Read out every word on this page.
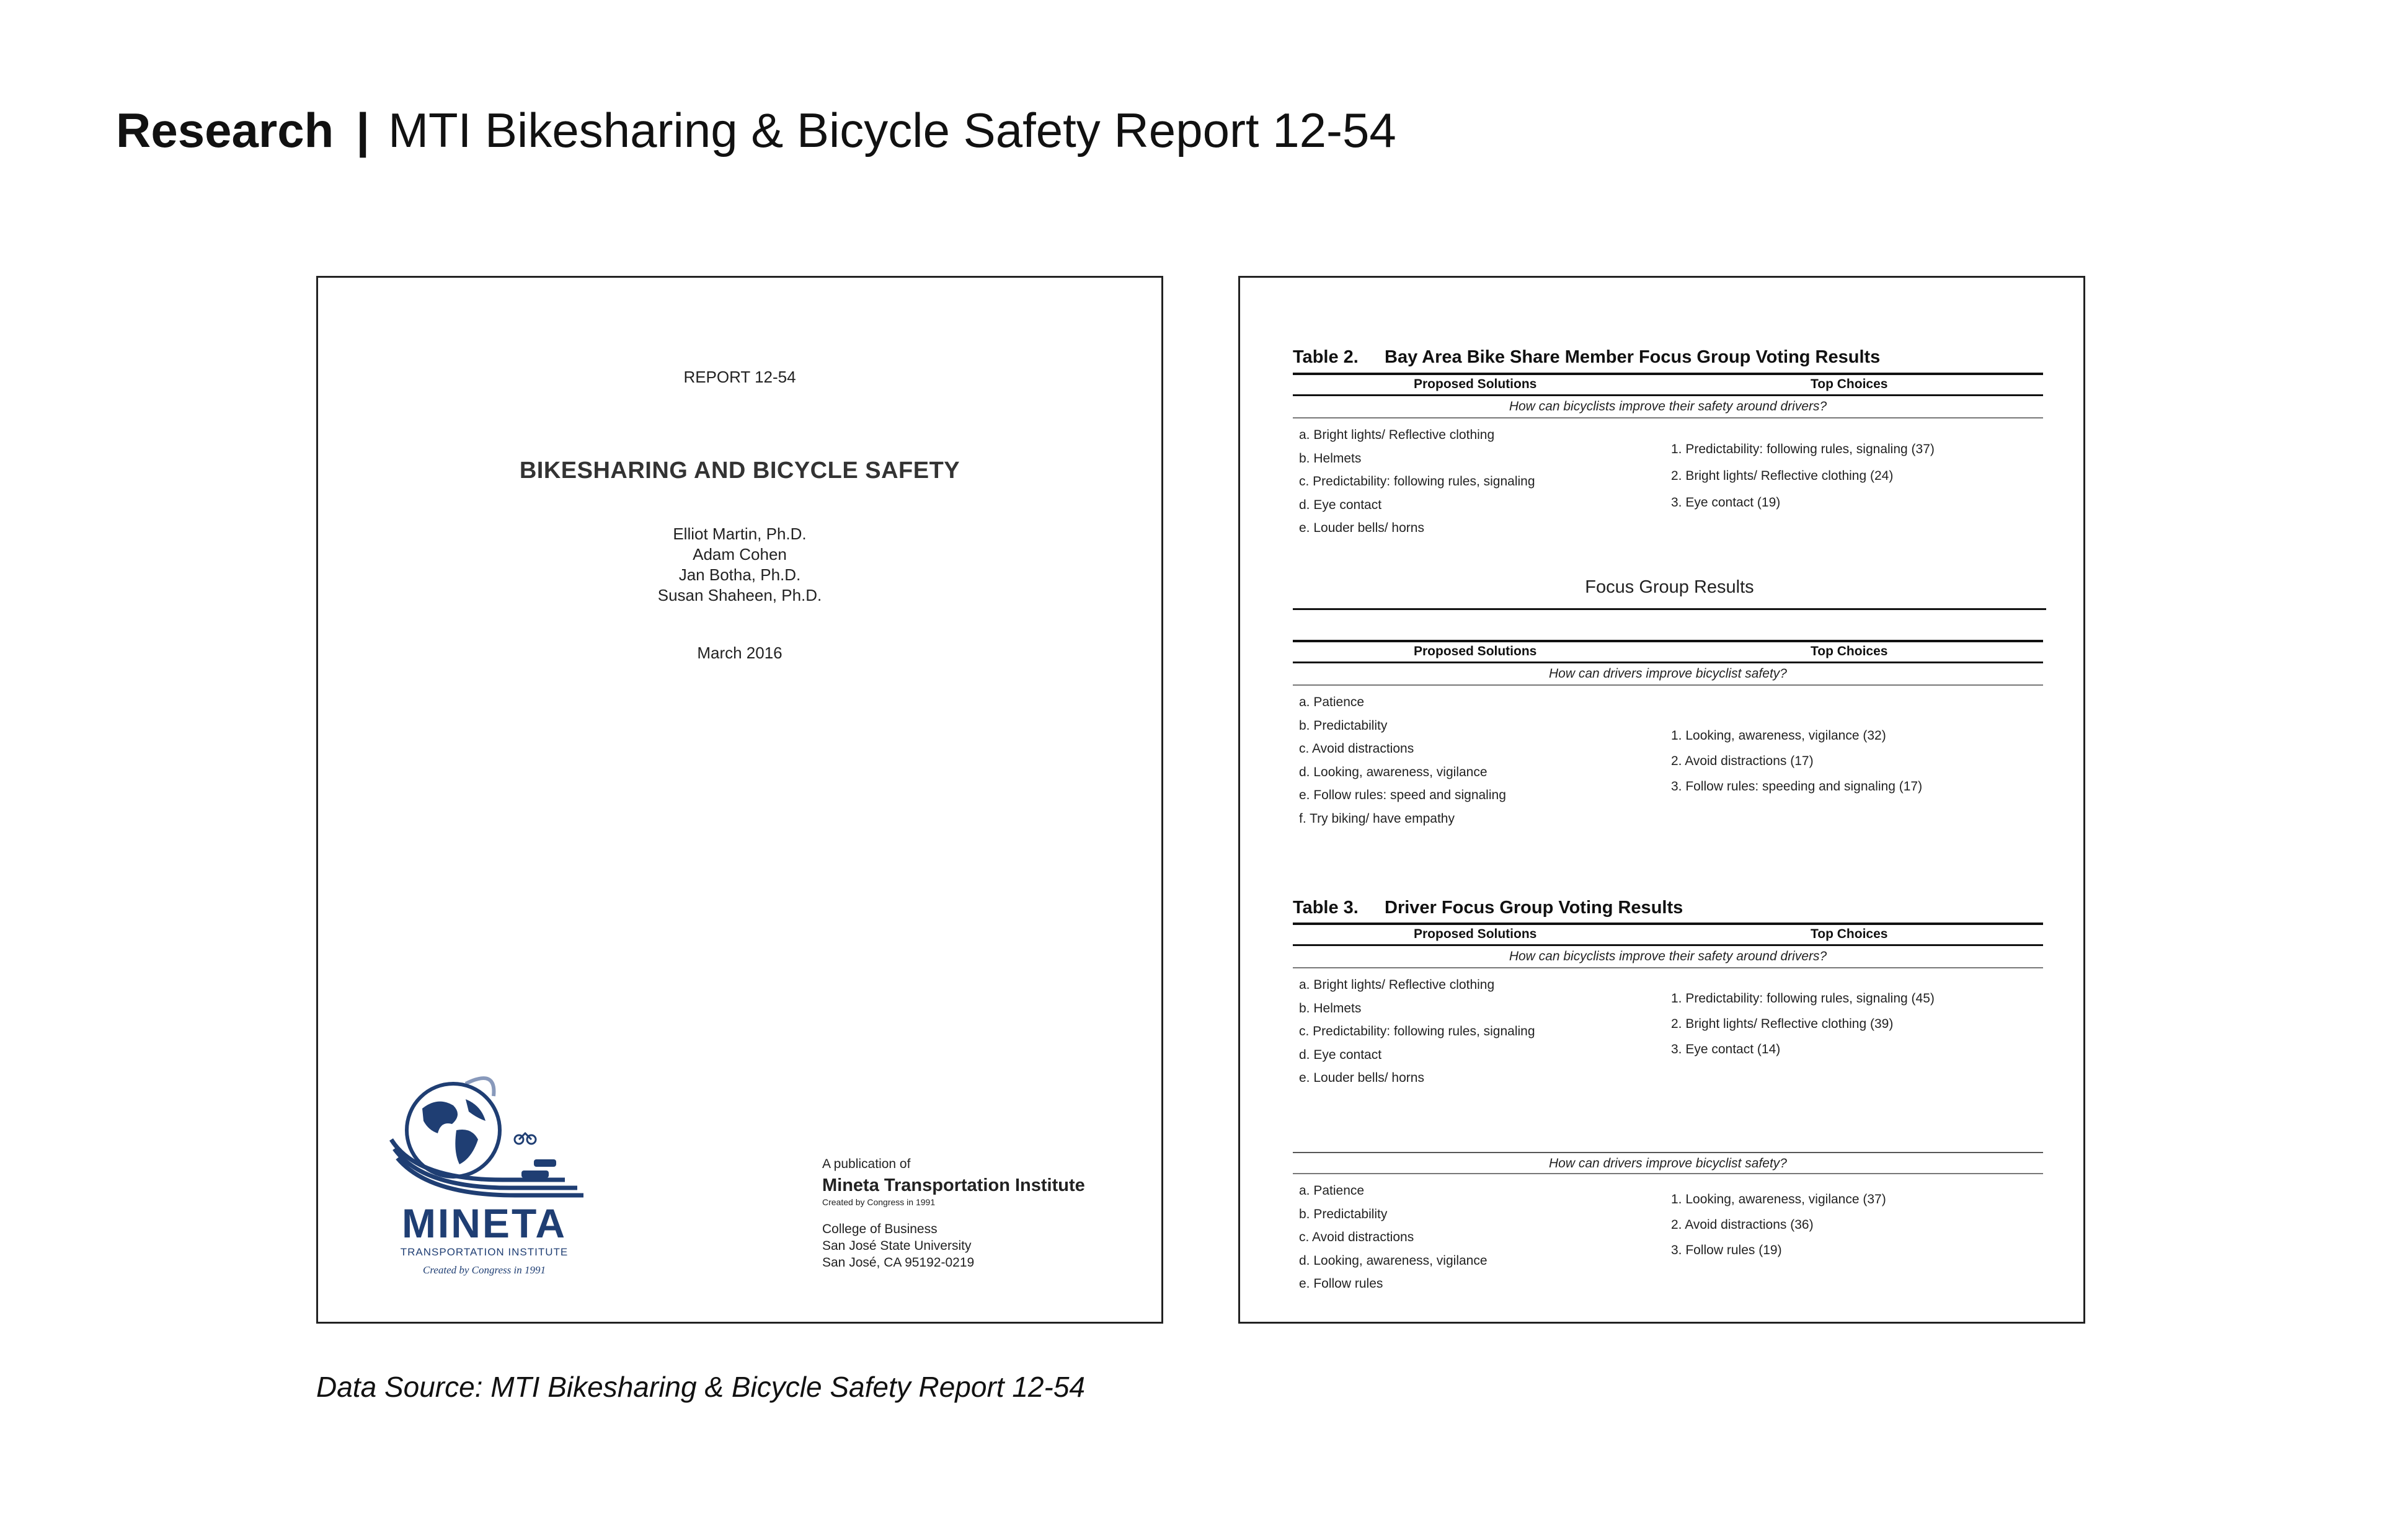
Research | MTI Bikesharing & Bicycle Safety Report 12-54
REPORT 12-54
BIKESHARING AND BICYCLE SAFETY
Elliot Martin, Ph.D.
Adam Cohen
Jan Botha, Ph.D.
Susan Shaheen, Ph.D.
March 2016
MINETA
TRANSPORTATION INSTITUTE
Created by Congress in 1991
A publication of
Mineta Transportation Institute
Created by Congress in 1991
College of Business
San José State University
San José, CA 95192-0219
Table 2. Bay Area Bike Share Member Focus Group Voting Results
Proposed Solutions	Top Choices
How can bicyclists improve their safety around drivers?
a. Bright lights/ Reflective clothing
b. Helmets
c. Predictability: following rules, signaling
d. Eye contact
e. Louder bells/ horns
1. Predictability: following rules, signaling (37)
2. Bright lights/ Reflective clothing (24)
3. Eye contact (19)
Focus Group Results
Proposed Solutions	Top Choices
How can drivers improve bicyclist safety?
a. Patience
b. Predictability
c. Avoid distractions
d. Looking, awareness, vigilance
e. Follow rules: speed and signaling
f. Try biking/ have empathy
1. Looking, awareness, vigilance (32)
2. Avoid distractions (17)
3. Follow rules: speeding and signaling (17)
Table 3. Driver Focus Group Voting Results
Proposed Solutions	Top Choices
How can bicyclists improve their safety around drivers?
a. Bright lights/ Reflective clothing
b. Helmets
c. Predictability: following rules, signaling
d. Eye contact
e. Louder bells/ horns
1. Predictability: following rules, signaling (45)
2. Bright lights/ Reflective clothing (39)
3. Eye contact (14)
How can drivers improve bicyclist safety?
a. Patience
b. Predictability
c. Avoid distractions
d. Looking, awareness, vigilance
e. Follow rules
1. Looking, awareness, vigilance (37)
2. Avoid distractions (36)
3. Follow rules (19)
Data Source: MTI Bikesharing & Bicycle Safety Report 12-54
